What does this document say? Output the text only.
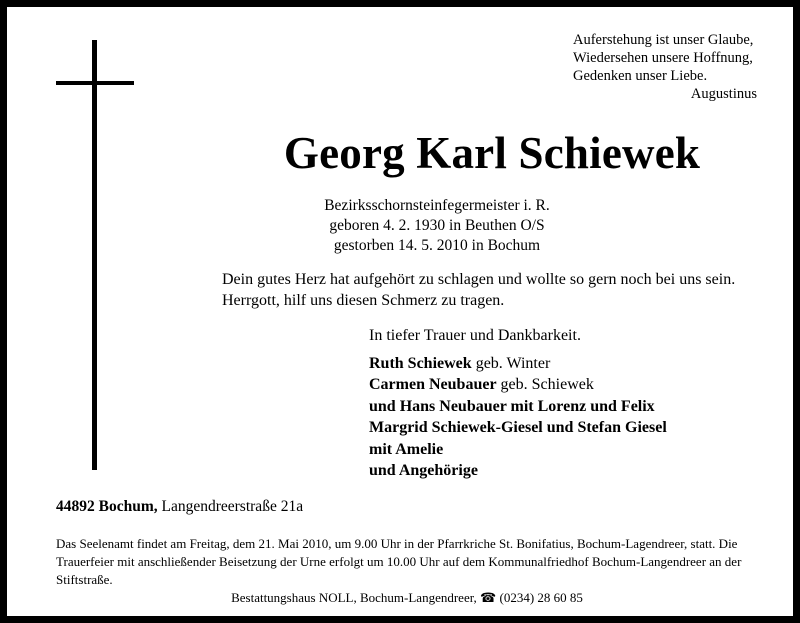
Auferstehung ist unser Glaube,
Wiedersehen unsere Hoffnung,
Gedenken unser Liebe.
Augustinus
Georg Karl Schiewek
Bezirksschornsteinfegermeister i. R.
geboren 4. 2. 1930 in Beuthen O/S
gestorben 14. 5. 2010 in Bochum
Dein gutes Herz hat aufgehört zu schlagen und wollte so gern noch bei uns sein.
Herrgott, hilf uns diesen Schmerz zu tragen.
In tiefer Trauer und Dankbarkeit.
Ruth Schiewek geb. Winter
Carmen Neubauer geb. Schiewek
und Hans Neubauer mit Lorenz und Felix
Margrid Schiewek-Giesel und Stefan Giesel
mit Amelie
und Angehörige
44892 Bochum, Langendreerstraße 21a
Das Seelenamt findet am Freitag, dem 21. Mai 2010, um 9.00 Uhr in der Pfarrkriche St. Bonifatius, Bochum-Lagendreer, statt. Die Trauerfeier mit anschließender Beisetzung der Urne erfolgt um 10.00 Uhr auf dem Kommunalfriedhof Bochum-Langendreer an der Stiftstraße.
Bestattungshaus NOLL, Bochum-Langendreer, ☎ (0234) 28 60 85
